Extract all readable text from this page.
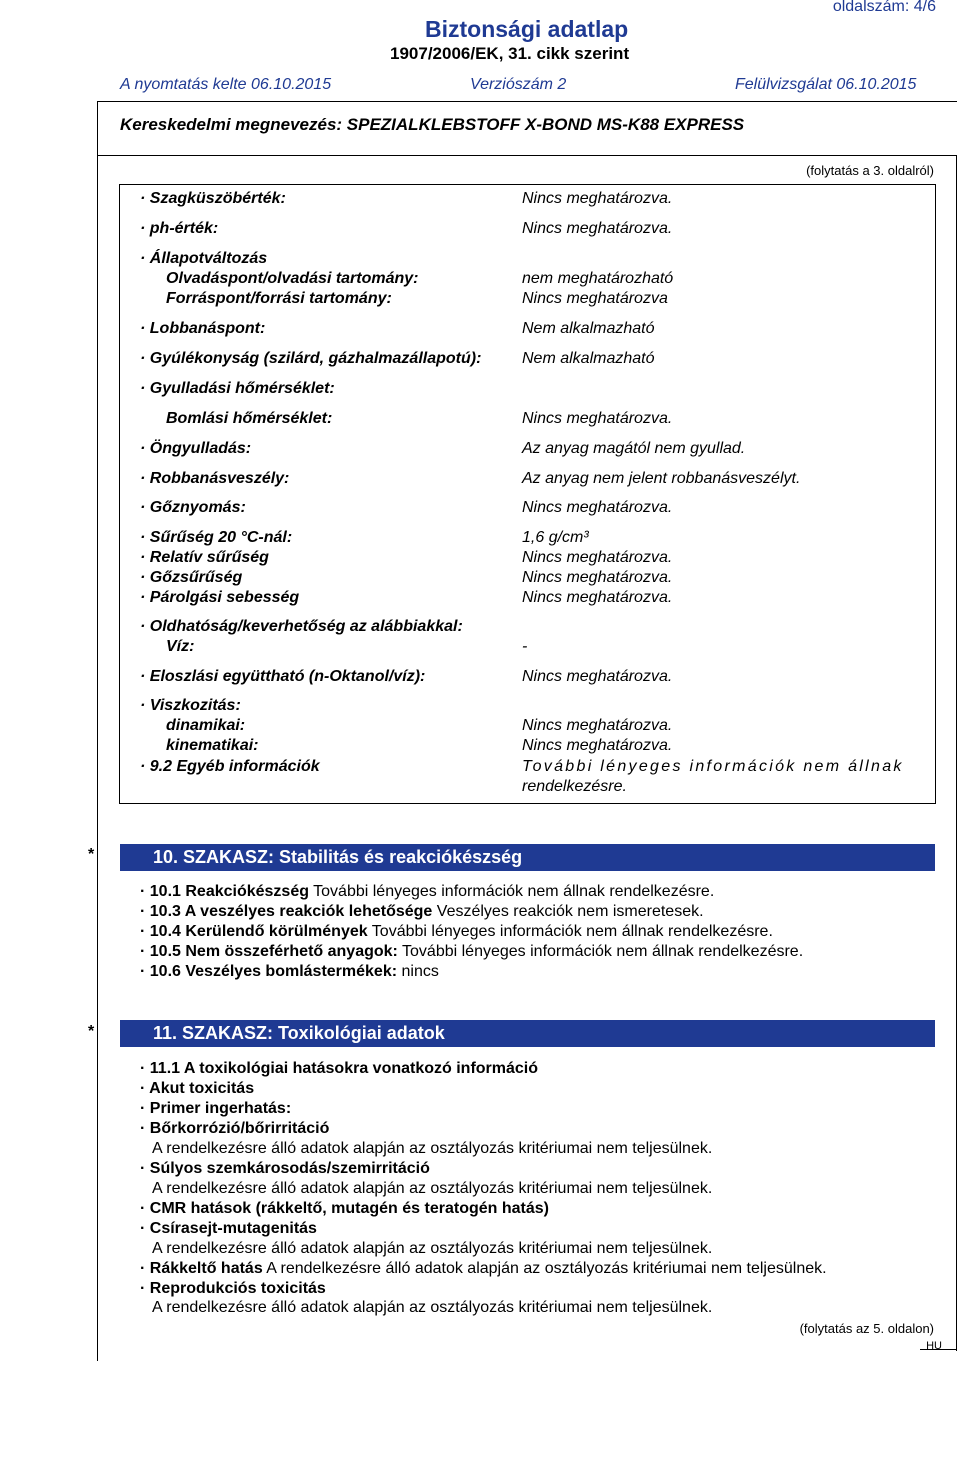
oldalszám: 4/6
Biztonsági adatlap
1907/2006/EK, 31. cikk szerint
A nyomtatás kelte 06.10.2015	Verziószám 2	Felülvizsgálat 06.10.2015
Kereskedelmi megnevezés: SPEZIALKLEBSTOFF X-BOND MS-K88 EXPRESS
(folytatás a 3. oldalról)
· Szagküszöbérték:	Nincs meghatározva.
· ph-érték:	Nincs meghatározva.
· Állapotváltozás
Olvadáspont/olvadási tartomány:	nem meghatározható
Forráspont/forrási tartomány:	Nincs meghatározva
· Lobbanáspont:	Nem alkalmazható
· Gyúlékonyság (szilárd, gázhalmazállapotú):	Nem alkalmazható
· Gyulladási hőmérséklet:
Bomlási hőmérséklet:	Nincs meghatározva.
· Öngyulladás:	Az anyag magától nem gyullad.
· Robbanásveszély:	Az anyag nem jelent robbanásveszélyt.
· Gőznyomás:	Nincs meghatározva.
· Sűrűség 20 °C-nál:	1,6 g/cm³
· Relatív sűrűség	Nincs meghatározva.
· Gőzsűrűség	Nincs meghatározva.
· Párolgási sebesség	Nincs meghatározva.
· Oldhatóság/keverhetőség az alábbiakkal:
Víz:	-
· Eloszlási együttható (n-Oktanol/víz):	Nincs meghatározva.
· Viszkozitás:
dinamikai:	Nincs meghatározva.
kinematikai:	Nincs meghatározva.
· 9.2 Egyéb információk	További lényeges információk nem állnak
rendelkezésre.
*	10. SZAKASZ: Stabilitás és reakciókészség
· 10.1 Reakciókészség További lényeges információk nem állnak rendelkezésre.
· 10.3 A veszélyes reakciók lehetősége Veszélyes reakciók nem ismeretesek.
· 10.4 Kerülendő körülmények További lényeges információk nem állnak rendelkezésre.
· 10.5 Nem összeférhető anyagok: További lényeges információk nem állnak rendelkezésre.
· 10.6 Veszélyes bomlástermékek: nincs
*	11. SZAKASZ: Toxikológiai adatok
· 11.1 A toxikológiai hatásokra vonatkozó információ
· Akut toxicitás
· Primer ingerhatás:
· Bőrkorrózió/bőrirritáció
A rendelkezésre álló adatok alapján az osztályozás kritériumai nem teljesülnek.
· Súlyos szemkárosodás/szemirritáció
A rendelkezésre álló adatok alapján az osztályozás kritériumai nem teljesülnek.
· CMR hatások (rákkeltő, mutagén és teratogén hatás)
· Csírasejt-mutagenitás
A rendelkezésre álló adatok alapján az osztályozás kritériumai nem teljesülnek.
· Rákkeltő hatás A rendelkezésre álló adatok alapján az osztályozás kritériumai nem teljesülnek.
· Reprodukciós toxicitás
A rendelkezésre álló adatok alapján az osztályozás kritériumai nem teljesülnek.
(folytatás az 5. oldalon)
HU
